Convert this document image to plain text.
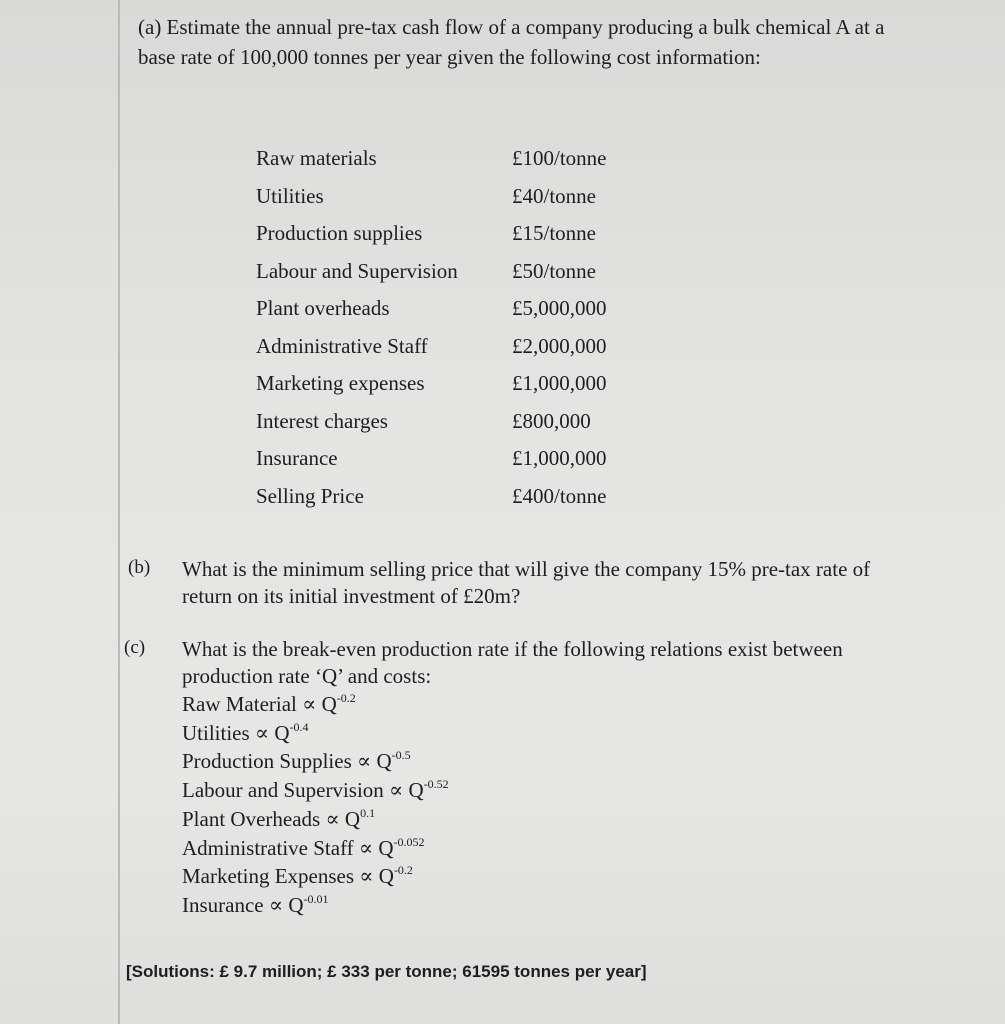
(a) Estimate the annual pre-tax cash flow of a company producing a bulk chemical A at a base rate of 100,000 tonnes per year given the following cost information:
Raw materials	£100/tonne
Utilities	£40/tonne
Production supplies	£15/tonne
Labour and Supervision	£50/tonne
Plant overheads	£5,000,000
Administrative Staff	£2,000,000
Marketing expenses	£1,000,000
Interest charges	£800,000
Insurance	£1,000,000
Selling Price	£400/tonne
(b) What is the minimum selling price that will give the company 15% pre-tax rate of return on its initial investment of £20m?
(c) What is the break-even production rate if the following relations exist between production rate ‘Q’ and costs:
Raw Material ∝ $Q^{-0.2}$
Utilities ∝ $Q^{-0.4}$
Production Supplies ∝ $Q^{-0.5}$
Labour and Supervision ∝ $Q^{-0.52}$
Plant Overheads ∝ $Q^{0.1}$
Administrative Staff ∝ $Q^{-0.052}$
Marketing Expenses ∝ $Q^{-0.2}$
Insurance ∝ $Q^{-0.01}$
[Solutions: £ 9.7 million; £ 333 per tonne; 61595 tonnes per year]
